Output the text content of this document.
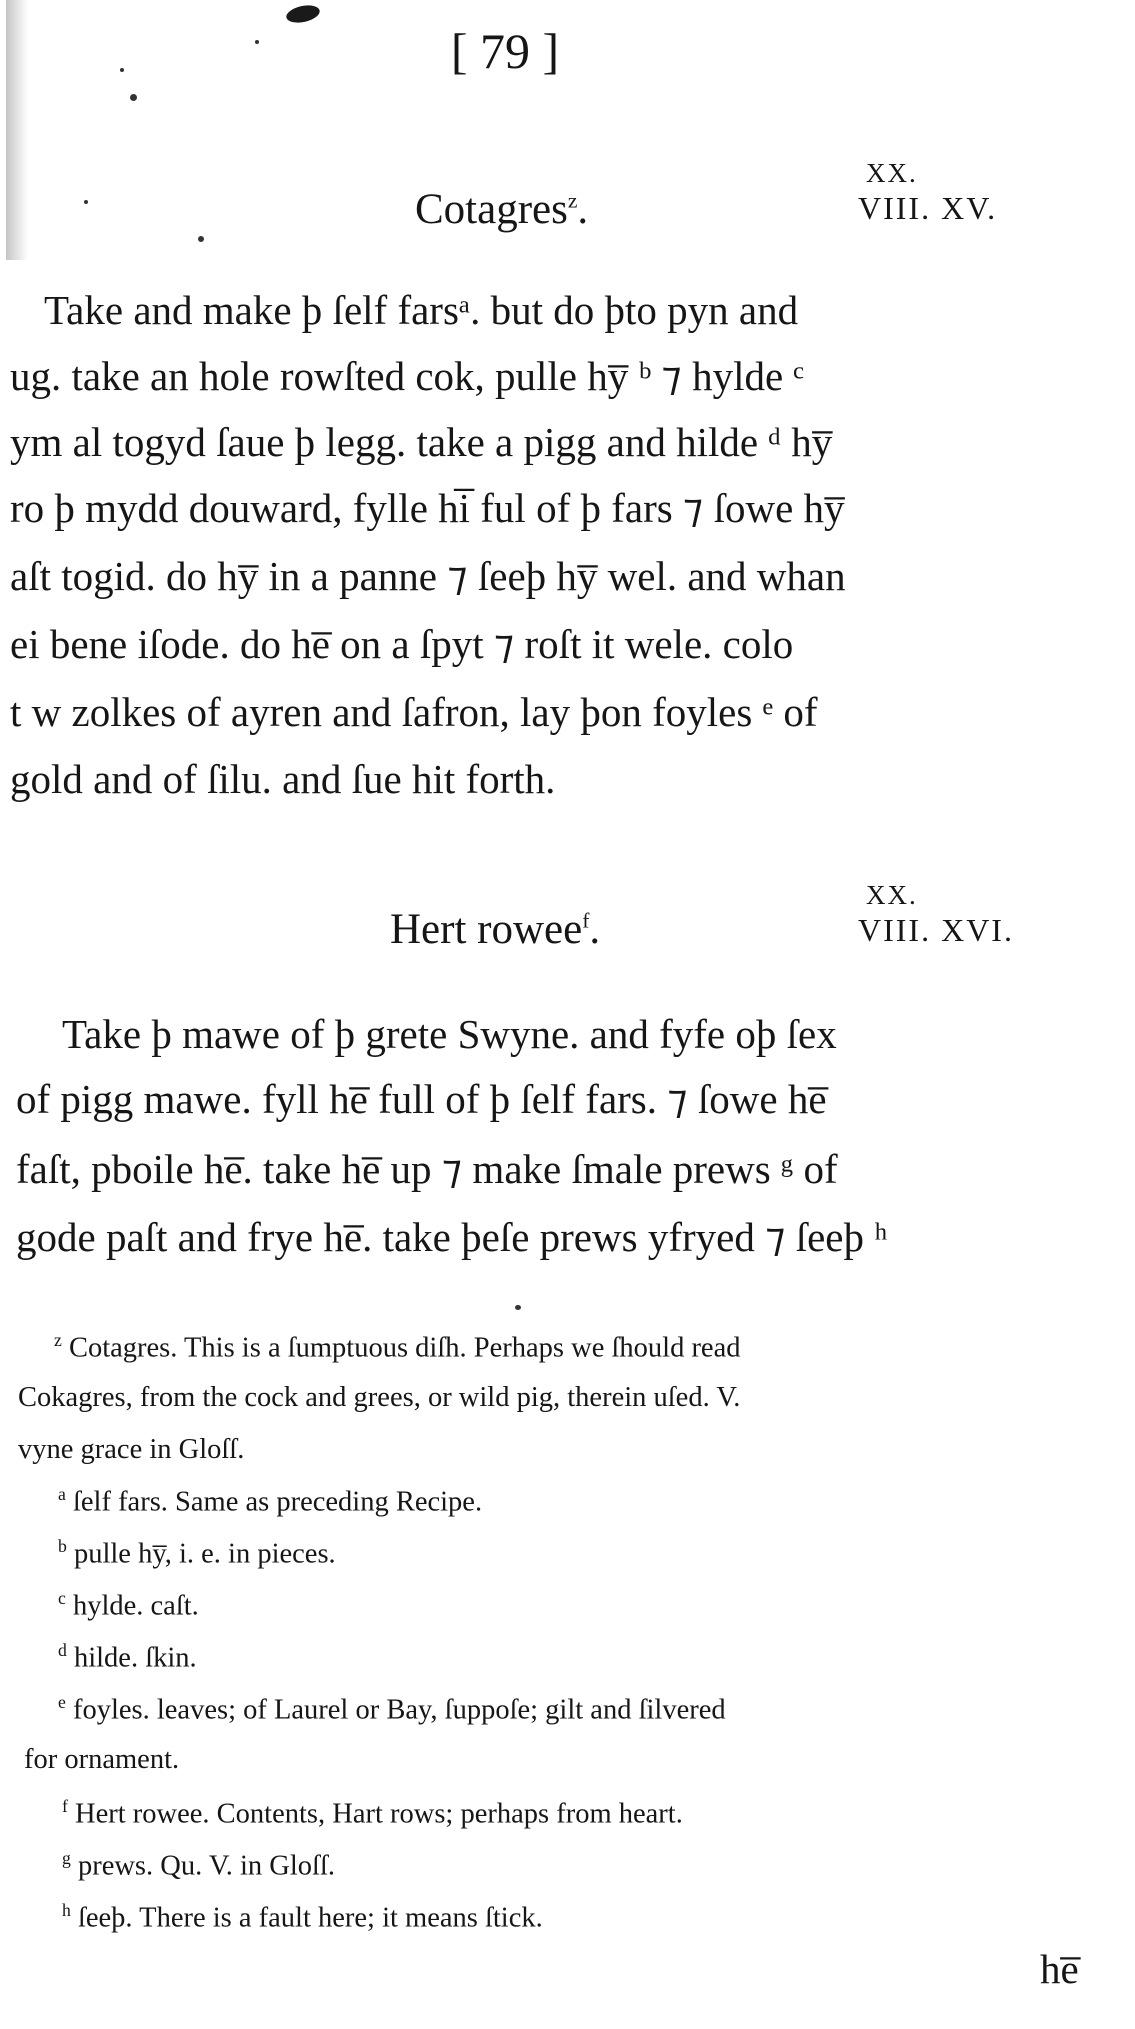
[ 79 ]
XX.
Cotagres$^z$.	VIII. XV.
Take and make þ ſelf farsᵃ. but do þto pyn and
ug. take an hole rowſted cok, pulle hy̅ ᵇ ⁊ hylde ᶜ
ym al togyd ſaue þ legg. take a pigg and hilde ᵈ hy̅
ro þ mydd douward, fylle hi̅ ful of þ fars ⁊ ſowe hy̅
aſt togid. do hy̅ in a panne ⁊ ſeeþ hy̅ wel. and whan
ei bene iſode. do he̅ on a ſpyt ⁊ roſt it wele. colo
t w zolkes of ayren and ſafron, lay þon foyles ᵉ of
gold and of ſilu. and ſue hit forth.
XX.
Hert rowee$^f$.	VIII. XVI.
Take þ mawe of þ grete Swyne. and fyfe oþ ſex
of pigg mawe. fyll he̅ full of þ ſelf fars. ⁊ ſowe he̅
faſt, pboile he̅. take he̅ up ⁊ make ſmale prews ᵍ of
gode paſt and frye he̅. take þeſe prews yfryed ⁊ ſeeþ ʰ
$^z$ Cotagres. This is a ſumptuous diſh. Perhaps we ſhould read
Cokagres, from the cock and grees, or wild pig, therein uſed. V.
vyne grace in Gloſſ.
$^a$ ſelf fars. Same as preceding Recipe.
$^b$ pulle hy̅, i. e. in pieces.
$^c$ hylde. caſt.
$^d$ hilde. ſkin.
$^e$ foyles. leaves; of Laurel or Bay, ſuppoſe; gilt and ſilvered
for ornament.
$^f$ Hert rowee. Contents, Hart rows; perhaps from heart.
$^g$ prews. Qu. V. in Gloſſ.
$^h$ ſeeþ. There is a fault here; it means ſtick.
he̅
